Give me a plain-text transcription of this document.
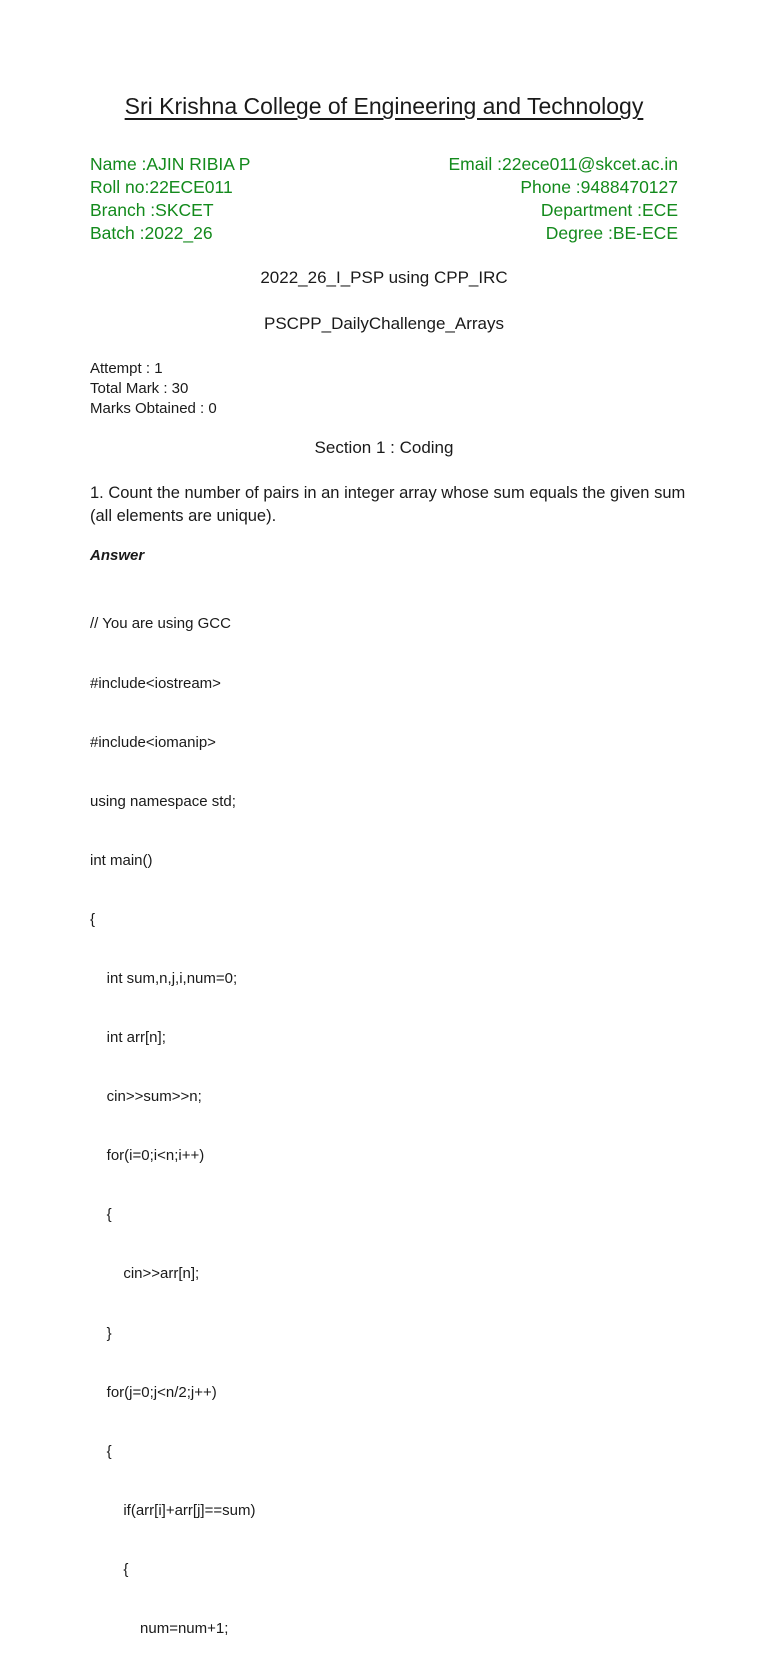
Sri Krishna College of Engineering and Technology
Name :AJIN RIBIA P	Email :22ece011@skcet.ac.in
Roll no:22ECE011	Phone :9488470127
Branch :SKCET	Department :ECE
Batch :2022_26	Degree :BE-ECE
2022_26_I_PSP using CPP_IRC
PSCPP_DailyChallenge_Arrays
Attempt : 1
Total Mark : 30
Marks Obtained : 0
Section 1 : Coding
1. Count the number of pairs in an integer array whose sum equals the given sum (all elements are unique).
Answer

// You are using GCC

#include<iostream>

#include<iomanip>

using namespace std;

int main()

{

int sum,n,j,i,num=0;

int arr[n];

cin>>sum>>n;

for(i=0;i<n;i++)

{

cin>>arr[n];

}

for(j=0;j<n/2;j++)

{

if(arr[i]+arr[j]==sum)

{

num=num+1;
